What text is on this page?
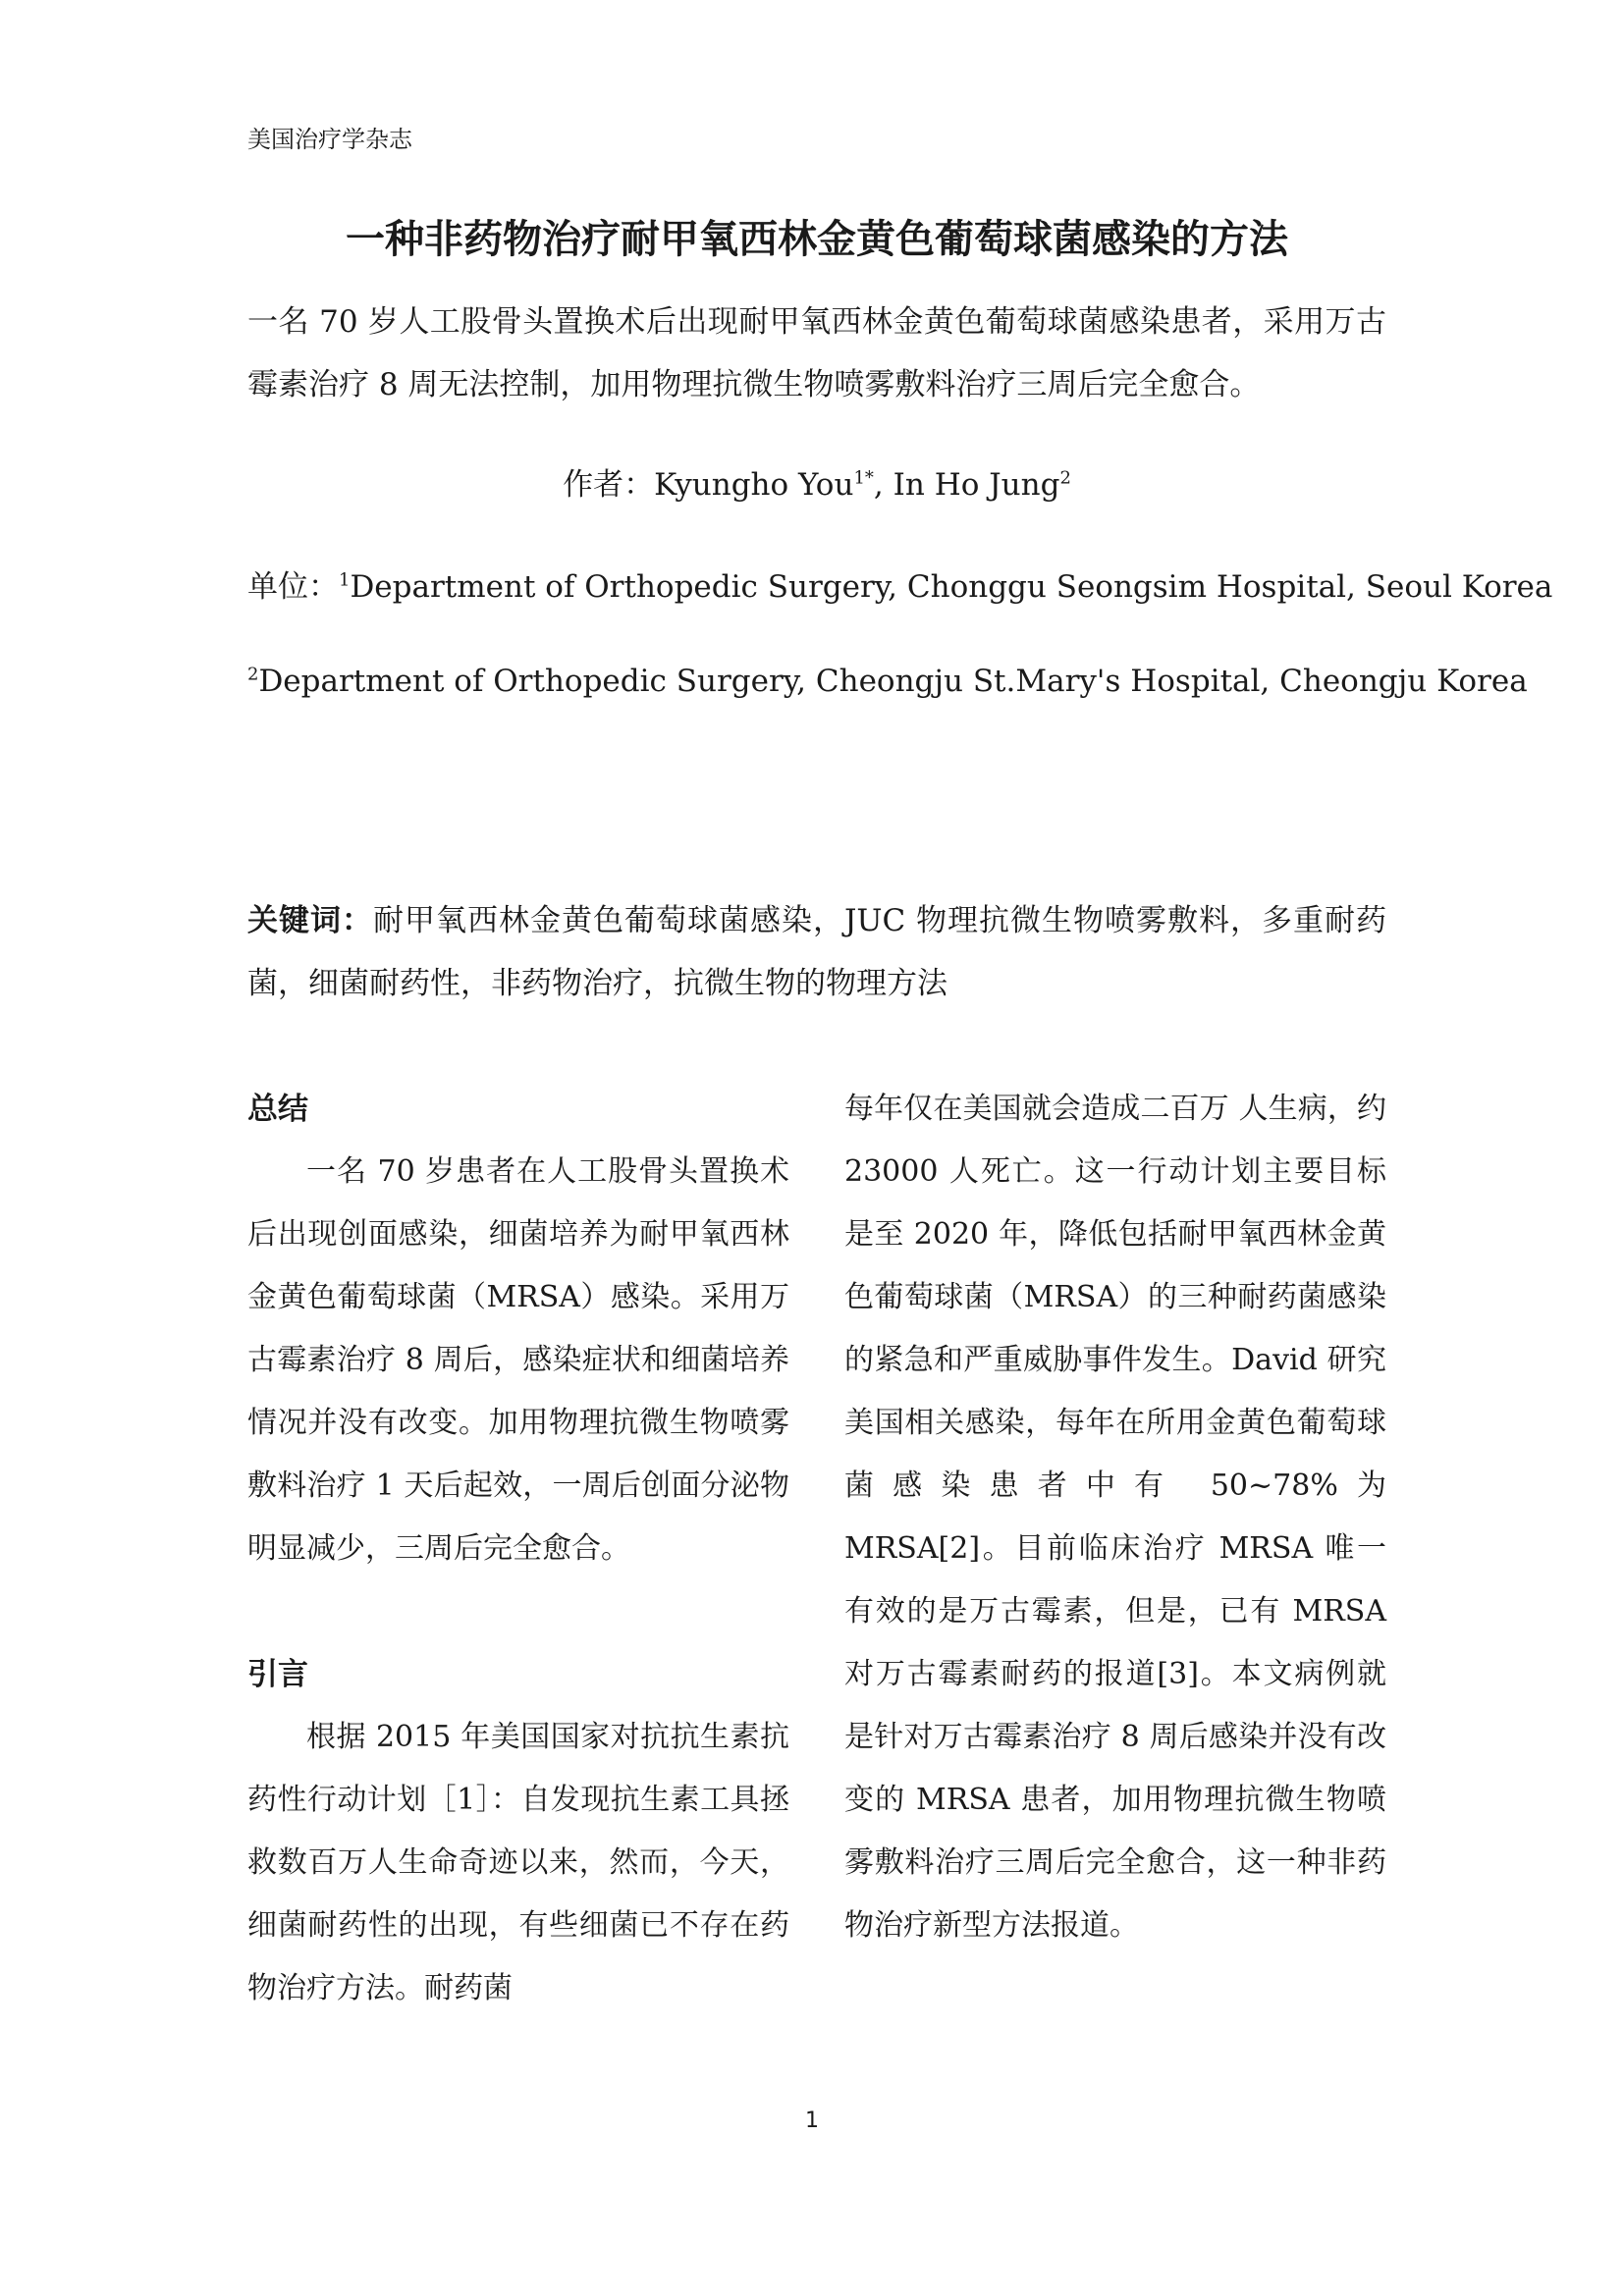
美国治疗学杂志
一种非药物治疗耐甲氧西林金黄色葡萄球菌感染的方法
一名 70 岁人工股骨头置换术后出现耐甲氧西林金黄色葡萄球菌感染患者，采用万古霉素治疗 8 周无法控制，加用物理抗微生物喷雾敷料治疗三周后完全愈合。
作者：Kyungho You$^{1*}$, In Ho Jung$^2$
单位：$^1$Department of Orthopedic Surgery, Chonggu Seongsim Hospital, Seoul Korea
$^2$Department of Orthopedic Surgery, Cheongju St.Mary's Hospital, Cheongju Korea
关键词：耐甲氧西林金黄色葡萄球菌感染，JUC 物理抗微生物喷雾敷料，多重耐药菌，细菌耐药性，非药物治疗，抗微生物的物理方法
总结

一名 70 岁患者在人工股骨头置换术后出现创面感染，细菌培养为耐甲氧西林金黄色葡萄球菌（MRSA）感染。采用万古霉素治疗 8 周后，感染症状和细菌培养情况并没有改变。加用物理抗微生物喷雾敷料治疗 1 天后起效，一周后创面分泌物明显减少，三周后完全愈合。

引言

根据 2015 年美国国家对抗抗生素抗药性行动计划［1］：自发现抗生素工具拯救数百万人生命奇迹以来，然而，今天，细菌耐药性的出现，有些细菌已不存在药物治疗方法。耐药菌

每年仅在美国就会造成二百万 人生病，约 23000 人死亡。这一行动计划主要目标是至 2020 年，降低包括耐甲氧西林金黄色葡萄球菌（MRSA）的三种耐药菌感染的紧急和严重威胁事件发生。David 研究美国相关感染，每年在所用金黄色葡萄球菌感染患者中有 50~78%为 MRSA[2]。目前临床治疗 MRSA 唯一有效的是万古霉素，但是，已有 MRSA 对万古霉素耐药的报道[3]。本文病例就是针对万古霉素治疗 8 周后感染并没有改变的 MRSA 患者，加用物理抗微生物喷雾敷料治疗三周后完全愈合，这一种非药物治疗新型方法报道。

1
